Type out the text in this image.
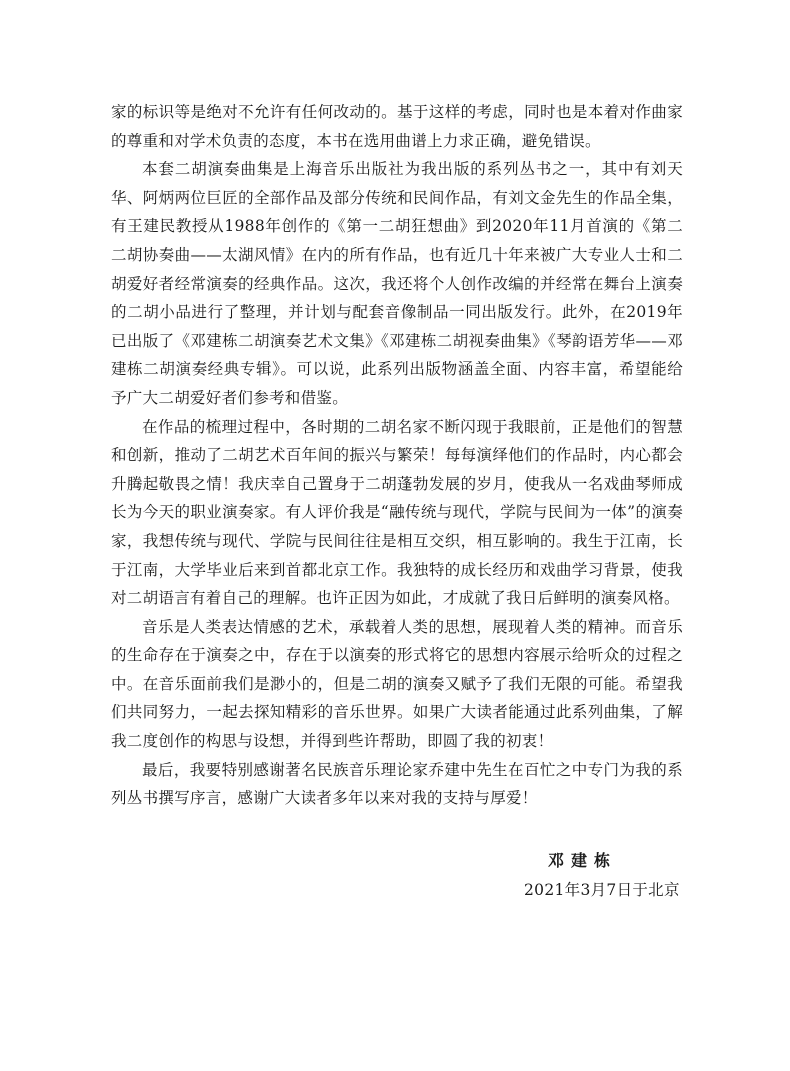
家的标识等是绝对不允许有任何改动的。基于这样的考虑，同时也是本着对作曲家的尊重和对学术负责的态度，本书在选用曲谱上力求正确，避免错误。

本套二胡演奏曲集是上海音乐出版社为我出版的系列丛书之一，其中有刘天华、阿炳两位巨匠的全部作品及部分传统和民间作品，有刘文金先生的作品全集，有王建民教授从1988年创作的《第一二胡狂想曲》到2020年11月首演的《第二二胡协奏曲——太湖风情》在内的所有作品，也有近几十年来被广大专业人士和二胡爱好者经常演奏的经典作品。这次，我还将个人创作改编的并经常在舞台上演奏的二胡小品进行了整理，并计划与配套音像制品一同出版发行。此外，在2019年已出版了《邓建栋二胡演奏艺术文集》《邓建栋二胡视奏曲集》《琴韵语芳华——邓建栋二胡演奏经典专辑》。可以说，此系列出版物涵盖全面、内容丰富，希望能给予广大二胡爱好者们参考和借鉴。

在作品的梳理过程中，各时期的二胡名家不断闪现于我眼前，正是他们的智慧和创新，推动了二胡艺术百年间的振兴与繁荣！每每演绎他们的作品时，内心都会升腾起敬畏之情！我庆幸自己置身于二胡蓬勃发展的岁月，使我从一名戏曲琴师成长为今天的职业演奏家。有人评价我是“融传统与现代，学院与民间为一体”的演奏家，我想传统与现代、学院与民间往往是相互交织，相互影响的。我生于江南，长于江南，大学毕业后来到首都北京工作。我独特的成长经历和戏曲学习背景，使我对二胡语言有着自己的理解。也许正因为如此，才成就了我日后鲜明的演奏风格。

音乐是人类表达情感的艺术，承载着人类的思想，展现着人类的精神。而音乐的生命存在于演奏之中，存在于以演奏的形式将它的思想内容展示给听众的过程之中。在音乐面前我们是渺小的，但是二胡的演奏又赋予了我们无限的可能。希望我们共同努力，一起去探知精彩的音乐世界。如果广大读者能通过此系列曲集，了解我二度创作的构思与设想，并得到些许帮助，即圆了我的初衷！

最后，我要特别感谢著名民族音乐理论家乔建中先生在百忙之中专门为我的系列丛书撰写序言，感谢广大读者多年以来对我的支持与厚爱！

邓建栋
2021年3月7日于北京
